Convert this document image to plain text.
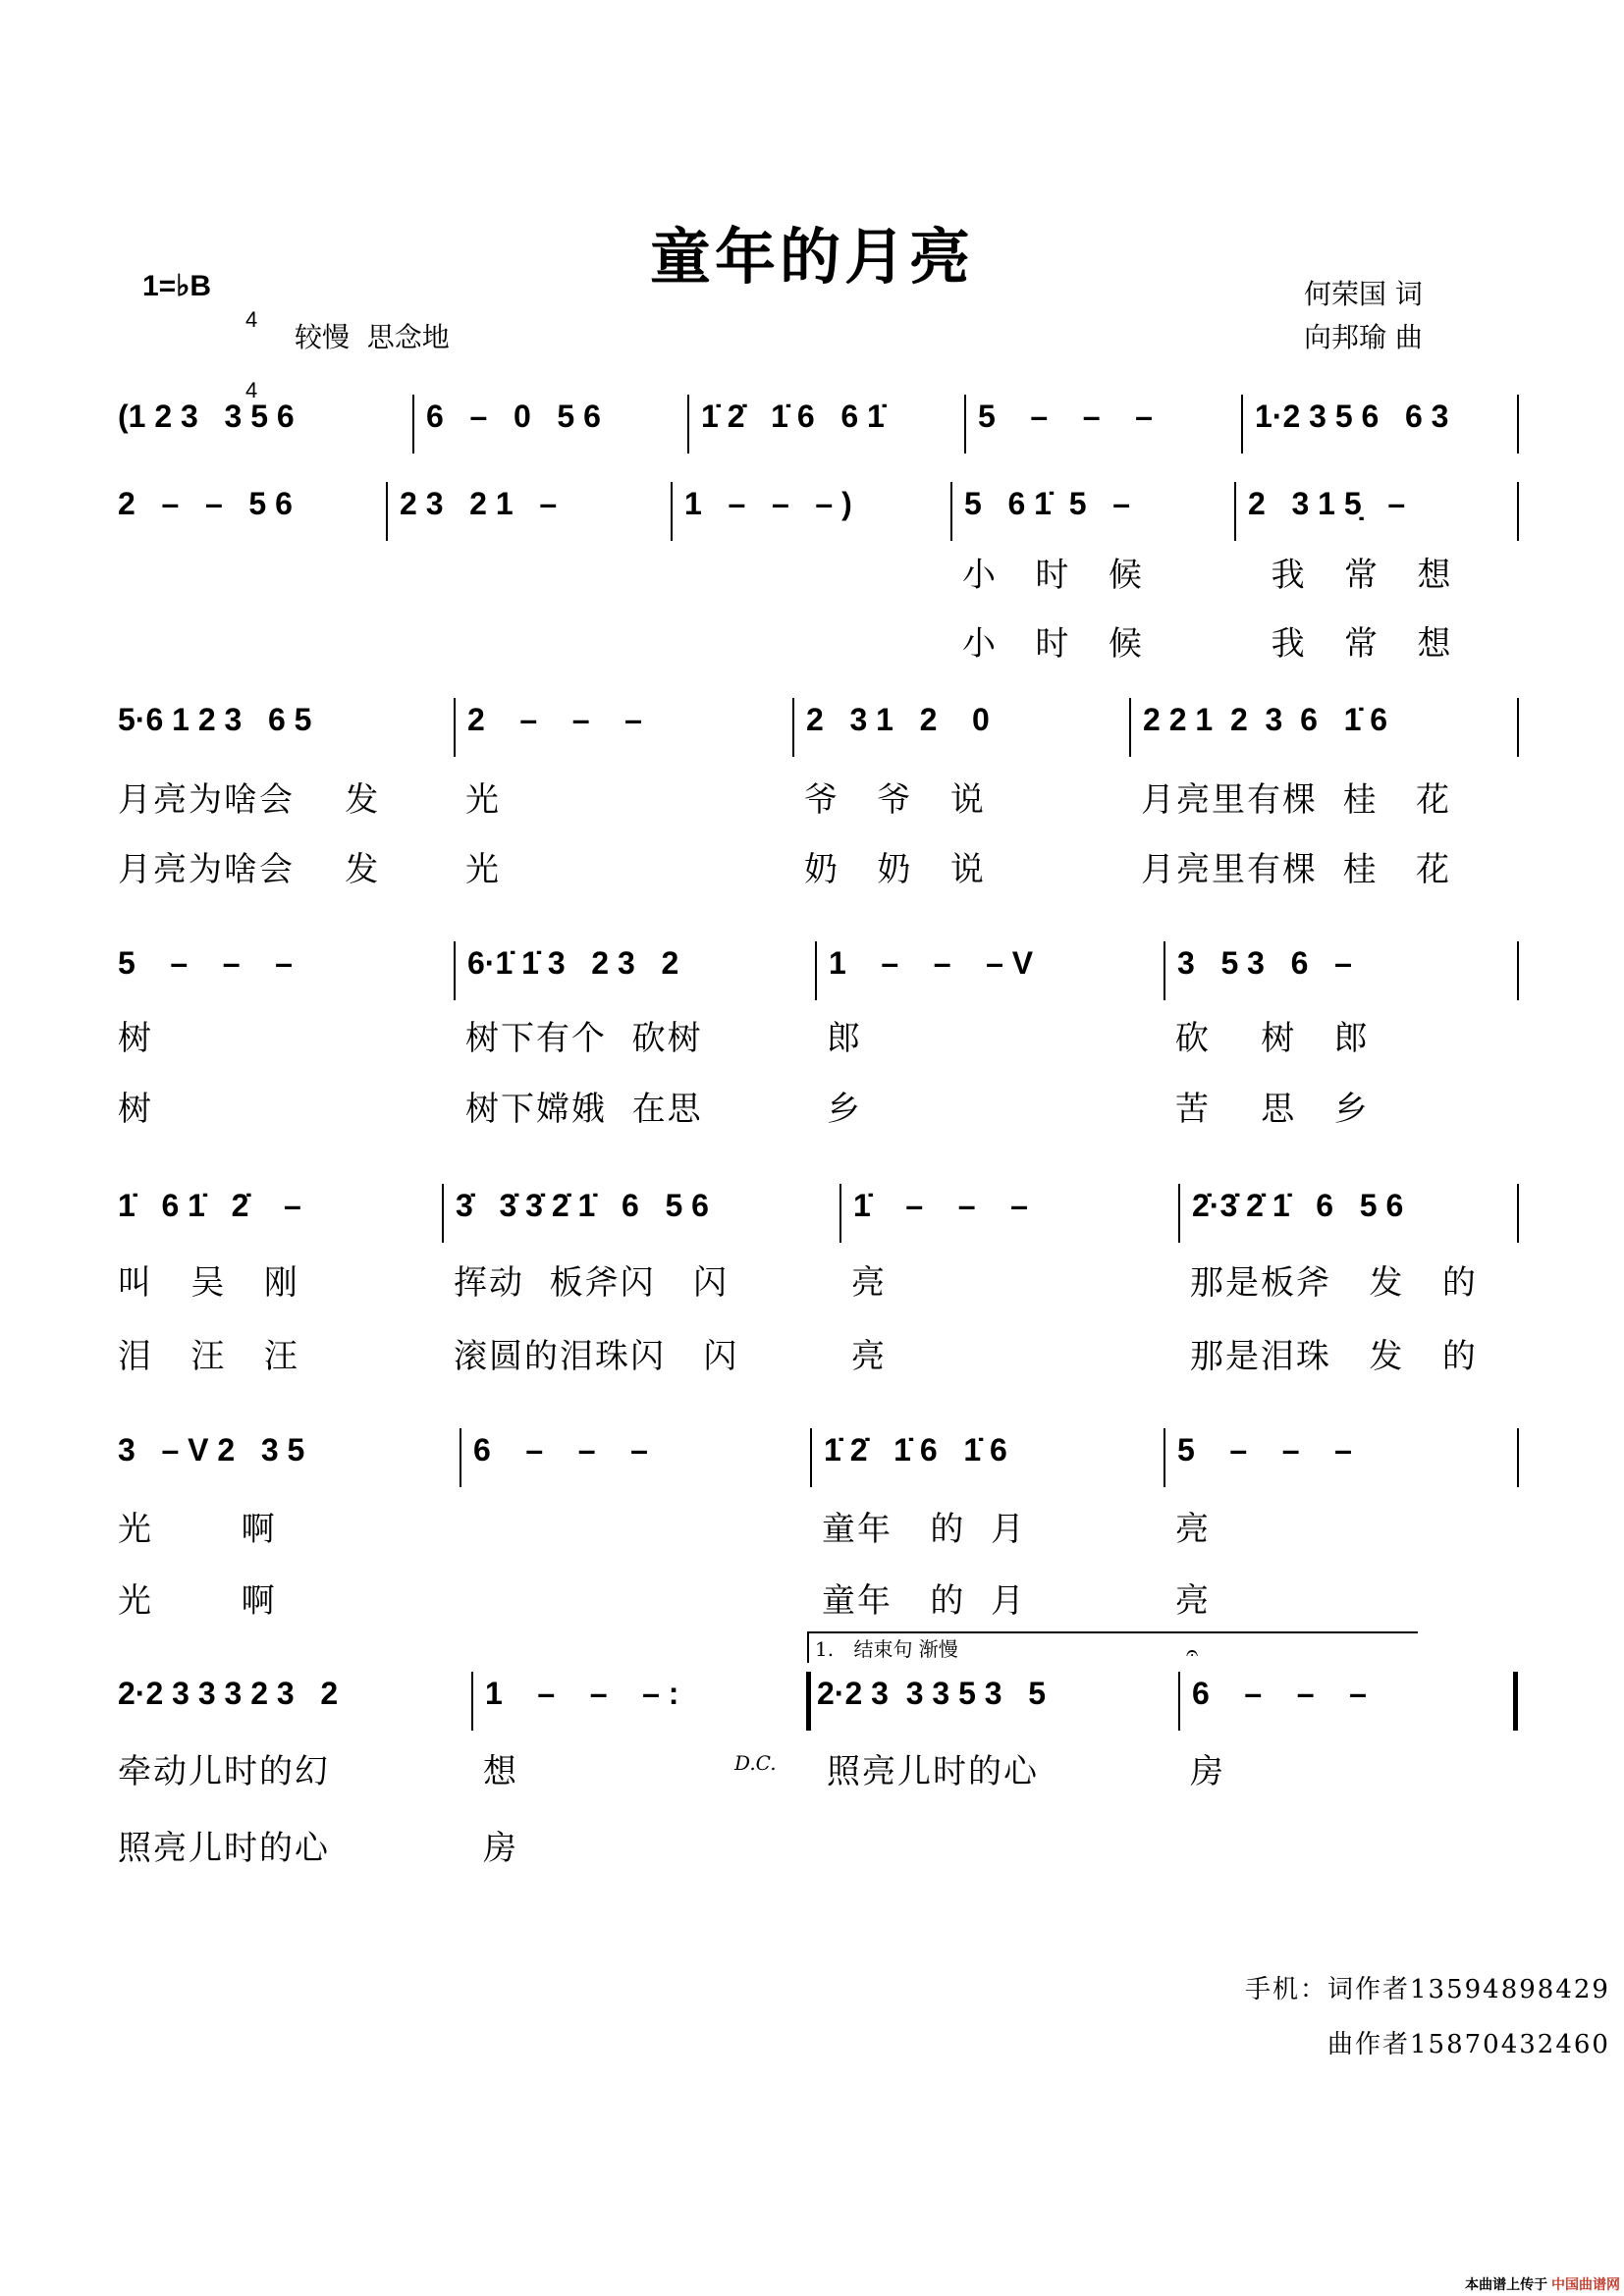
童年的月亮
1=♭B

4

4

较慢  思念地
何荣国 词
向邦瑜 曲
(1 2 3   3 5 6	6   –   0   5 6	1̇ 2̇   1̇ 6   6 1̇	5    –    –    –	1·2 3 5 6   6 3
2   –   –   5 6	2 3   2 1   –	1   –   –   – )	5   6 1̇  5   –
小   时   候
小   时   候
2   3 1 5̣   –
我   常   想
我   常   想
5·6 1 2 3   6 5
月亮为啥会    发
月亮为啥会    发
2    –    –    –
光
光
2   3 1   2    0
爷   爷   说
奶   奶   说
2 2 1  2  3  6   1̇ 6
月亮里有棵  桂   花
月亮里有棵  桂   花
5    –    –    –
树
树
6·1̇ 1̇ 3   2 3   2
树下有个  砍树
树下嫦娥  在思
1    –    –    – V
郎
乡
3   5 3   6   –
砍    树   郎
苦    思   乡
1̇   6 1̇   2̇    –
叫   吴   刚
泪   汪   汪
3̇   3̇ 3̇ 2̇ 1̇   6   5 6
挥动  板斧闪   闪
滚圆的泪珠闪   闪
1̇    –    –    –
亮
亮
2̇·3̇ 2̇ 1̇   6   5 6
那是板斧   发   的
那是泪珠   发   的
3   – V 2   3 5
光       啊
光       啊
6    –    –    –	1̇ 2̇   1̇ 6   1̇ 6
童年   的  月
童年   的  月
5    –    –    –
亮
亮
2·2 3 3 3 2 3   2
牵动儿时的幻
照亮儿时的心
1    –    –    – :
想
房
2·2 3  3 3 5 3   5
照亮儿时的心
6    –    –    –
房
1. 结束句 渐慢
D.C.
𝄐
手机：词作者13594898429
曲作者15870432460
本曲谱上传于 中国曲谱网
